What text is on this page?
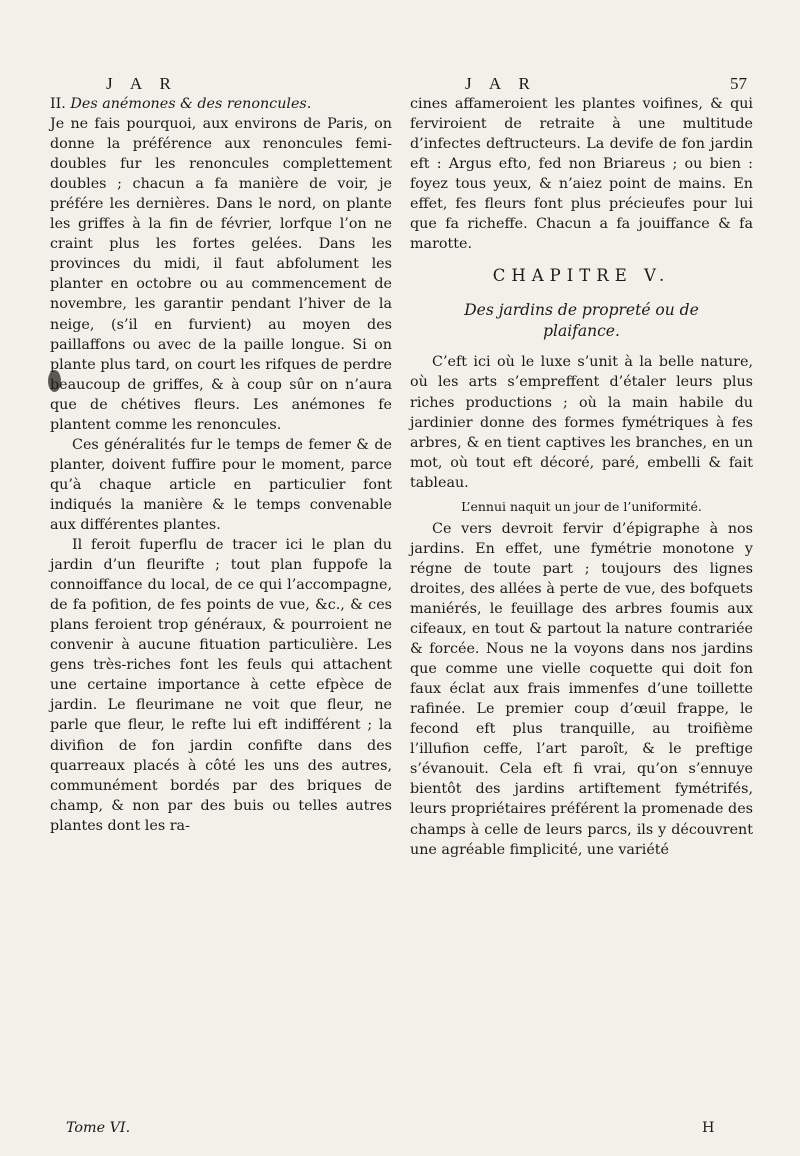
J A R	J A R	57

II. Des anémones & des renoncules.

Je ne fais pourquoi, aux environs de Paris, on donne la préférence aux renoncules femi-doubles fur les renoncules complettement doubles ; chacun a fa manière de voir, je préfére les dernières. Dans le nord, on plante les griffes à la fin de février, lorfque l’on ne craint plus les fortes gelées. Dans les provinces du midi, il faut abfolument les planter en octobre ou au commencement de novembre, les garantir pendant l’hiver de la neige, (s’il en furvient) au moyen des paillaffons ou avec de la paille longue. Si on plante plus tard, on court les rifques de perdre beaucoup de griffes, & à coup sûr on n’aura que de chétives fleurs. Les anémones fe plantent comme les renoncules.

Ces généralités fur le temps de femer & de planter, doivent fuffire pour le moment, parce qu’à chaque article en particulier font indiqués la manière & le temps convenable aux différentes plantes.

Il feroit fuperflu de tracer ici le plan du jardin d’un fleurifte ; tout plan fuppofe la connoiffance du local, de ce qui l’accompagne, de fa pofition, de fes points de vue, &c., & ces plans feroient trop généraux, & pourroient ne convenir à aucune fituation particulière. Les gens très-riches font les feuls qui attachent une certaine importance à cette efpèce de jardin. Le fleurimane ne voit que fleur, ne parle que fleur, le refte lui eft indifférent ; la divifion de fon jardin confifte dans des quarreaux placés à côté les uns des autres, communément bordés par des briques de champ, & non par des buis ou telles autres plantes dont les ra-

cines affameroient les plantes voifines, & qui ferviroient de retraite à une multitude d’infectes deftructeurs. La devife de fon jardin eft : Argus efto, fed non Briareus ; ou bien : foyez tous yeux, & n’aiez point de mains. En effet, fes fleurs font plus précieufes pour lui que fa richeffe. Chacun a fa jouiffance & fa marotte.

CHAPITRE V.

Des jardins de propreté ou de
plaifance.

C’eft ici où le luxe s’unit à la belle nature, où les arts s’empreffent d’étaler leurs plus riches productions ; où la main habile du jardinier donne des formes fymétriques à fes arbres, & en tient captives les branches, en un mot, où tout eft décoré, paré, embelli & fait tableau.

L’ennui naquit un jour de l’uniformité.

Ce vers devroit fervir d’épigraphe à nos jardins. En effet, une fymétrie monotone y régne de toute part ; toujours des lignes droites, des allées à perte de vue, des bofquets maniérés, le feuillage des arbres foumis aux cifeaux, en tout & partout la nature contrariée & forcée. Nous ne la voyons dans nos jardins que comme une vielle coquette qui doit fon faux éclat aux frais immenfes d’une toillette rafinée. Le premier coup d’œuil frappe, le fecond eft plus tranquille, au troifième l’illufion ceffe, l’art paroît, & le preftige s’évanouit. Cela eft fi vrai, qu’on s’ennuye bientôt des jardins artiftement fymétrifés, leurs propriétaires préférent la promenade des champs à celle de leurs parcs, ils y découvrent une agréable fimplicité, une variété

Tome VI.	H
